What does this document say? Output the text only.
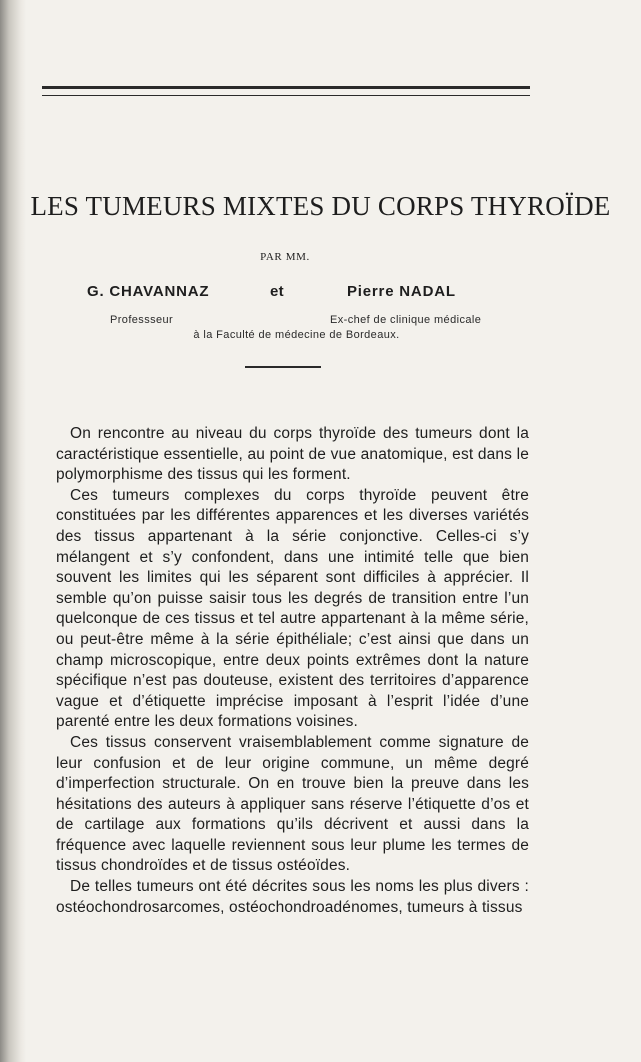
LES TUMEURS MIXTES DU CORPS THYROÏDE
PAR MM.
G. CHAVANNAZ	et	Pierre NADAL
Professseur	Ex-chef de clinique médicale
à la Faculté de médecine de Bordeaux.

On rencontre au niveau du corps thyroïde des tumeurs dont la caractéristique essentielle, au point de vue anatomique, est dans le polymorphisme des tissus qui les forment.

Ces tumeurs complexes du corps thyroïde peuvent être constituées par les différentes apparences et les diverses variétés des tissus appartenant à la série conjonctive. Celles-ci s’y mélangent et s’y confondent, dans une intimité telle que bien souvent les limites qui les séparent sont difficiles à apprécier. Il semble qu’on puisse saisir tous les degrés de transition entre l’un quelconque de ces tissus et tel autre appartenant à la même série, ou peut-être même à la série épithéliale; c’est ainsi que dans un champ microscopique, entre deux points extrêmes dont la nature spécifique n’est pas douteuse, existent des territoires d’apparence vague et d’étiquette imprécise imposant à l’esprit l’idée d’une parenté entre les deux formations voisines.

Ces tissus conservent vraisemblablement comme signature de leur confusion et de leur origine commune, un même degré d’imperfection structurale. On en trouve bien la preuve dans les hésitations des auteurs à appliquer sans réserve l’étiquette d’os et de cartilage aux formations qu’ils décrivent et aussi dans la fréquence avec laquelle reviennent sous leur plume les termes de tissus chondroïdes et de tissus ostéoïdes.

De telles tumeurs ont été décrites sous les noms les plus divers : ostéochondrosarcomes, ostéochondroadénomes, tumeurs à tissus
